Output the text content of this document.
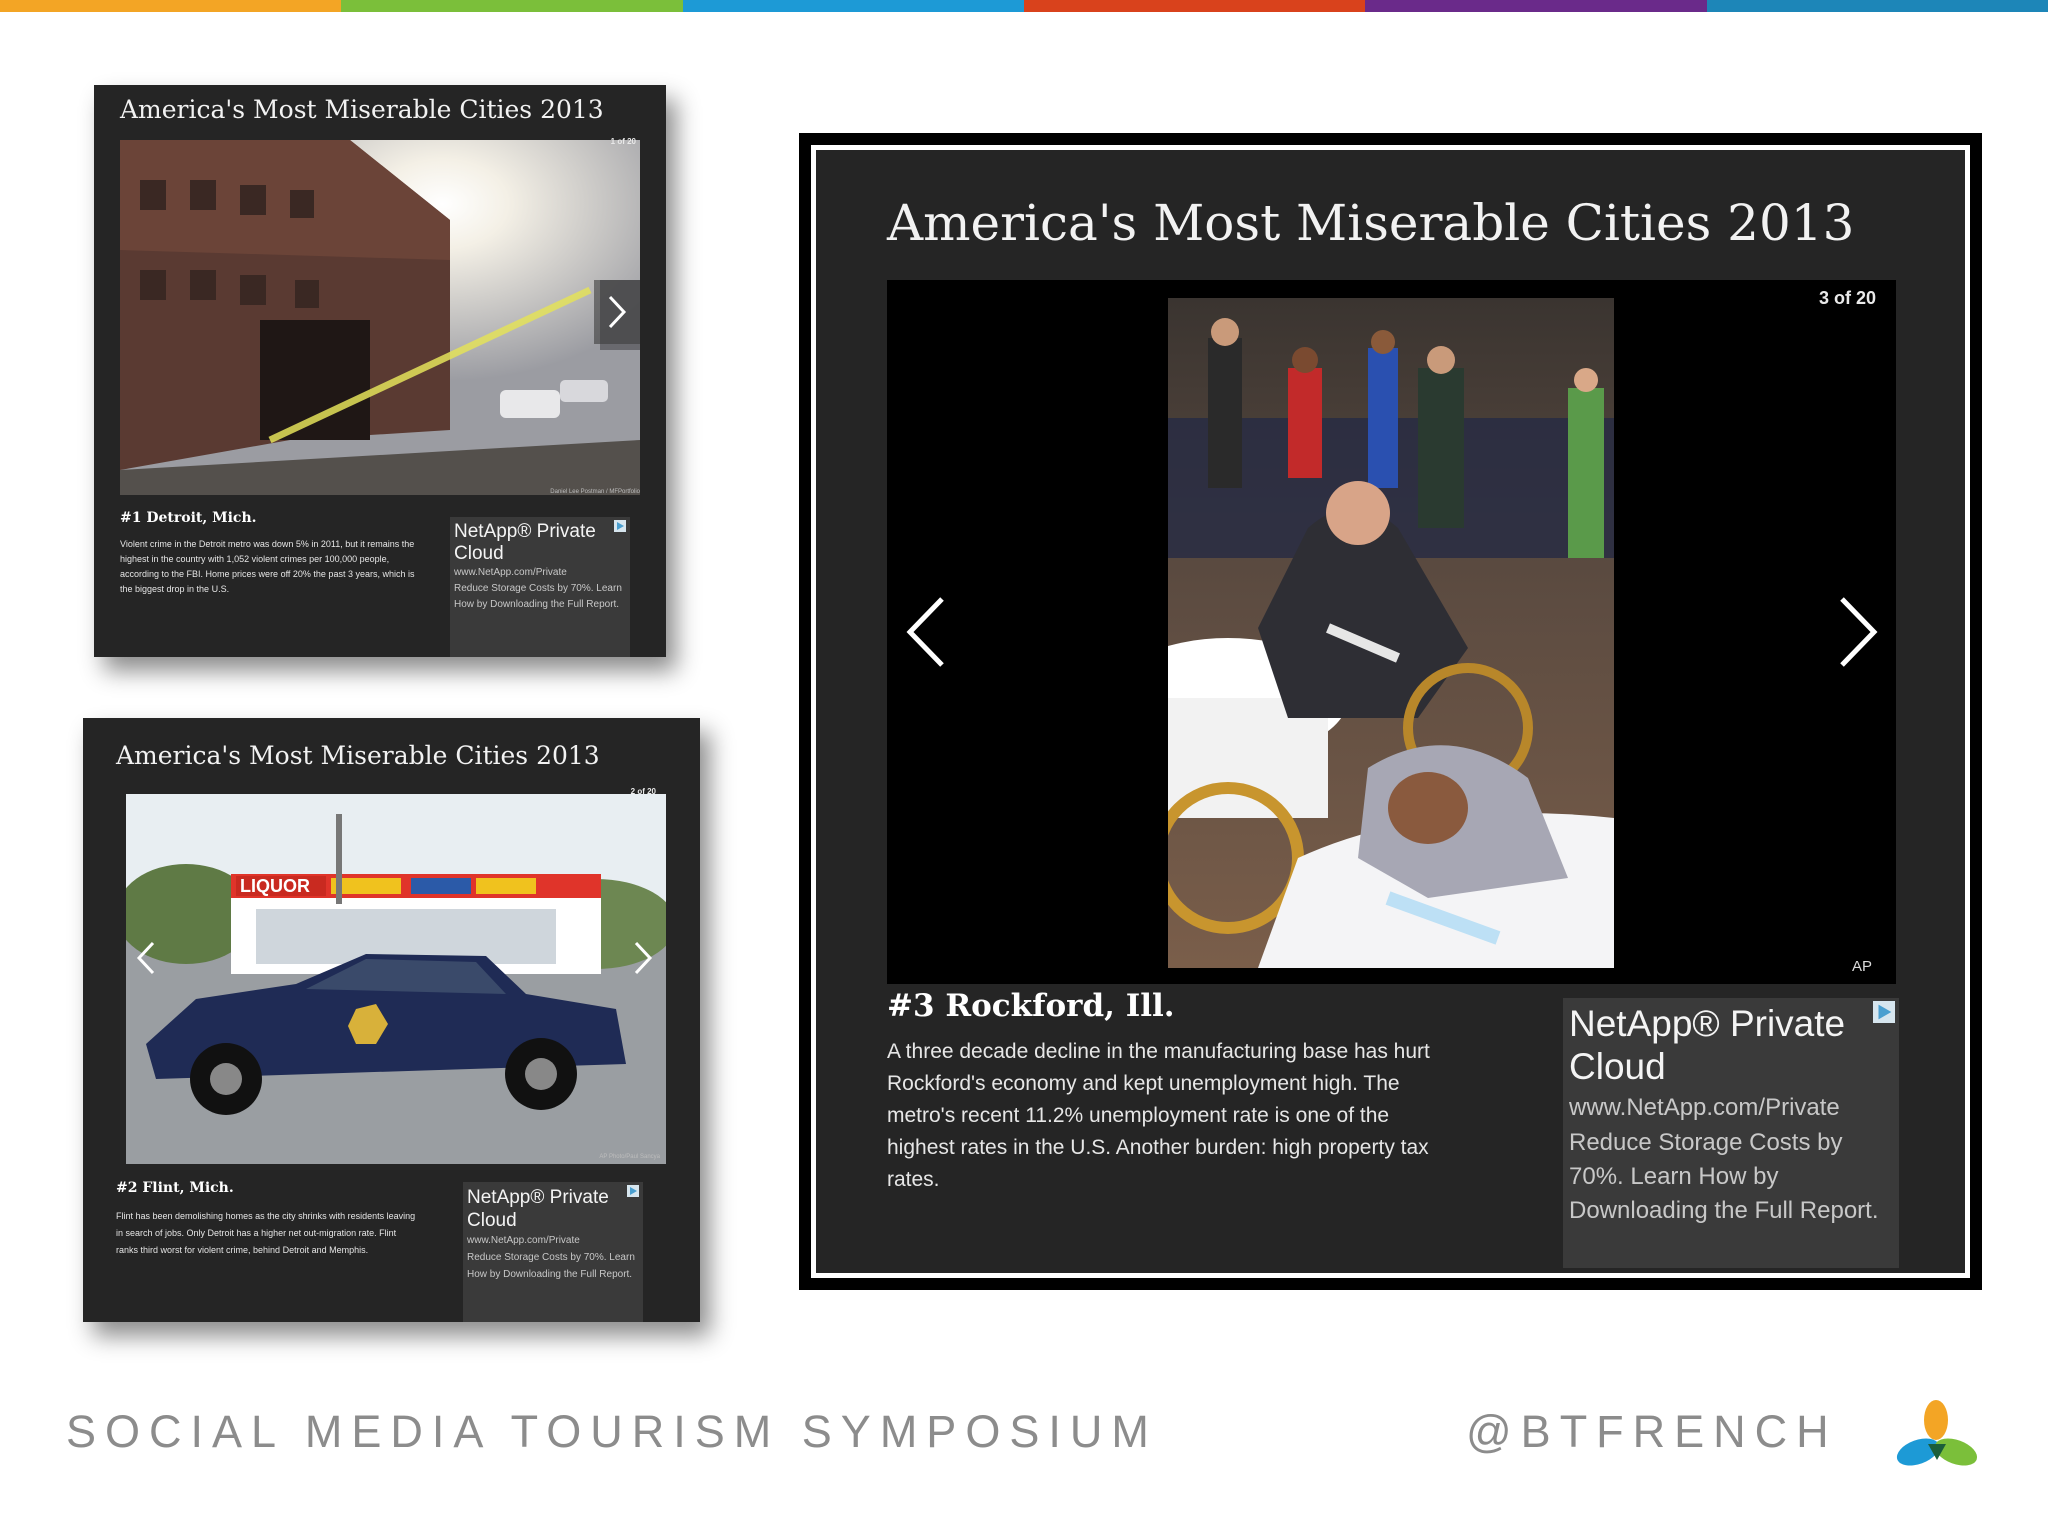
America's Most Miserable Cities 2013
1 of 20
Daniel Lee Postman / MFPortfolio
#1 Detroit, Mich.
Violent crime in the Detroit metro was down 5% in 2011, but it remains the highest in the country with 1,052 violent crimes per 100,000 people, according to the FBI. Home prices were off 20% the past 3 years, which is the biggest drop in the U.S.
NetApp® Private Cloud
www.NetApp.com/Private
Reduce Storage Costs by 70%. Learn How by Downloading the Full Report.
America's Most Miserable Cities 2013
LIQUOR
2 of 20
AP Photo/Paul Sancya
#2 Flint, Mich.
Flint has been demolishing homes as the city shrinks with residents leaving in search of jobs. Only Detroit has a higher net out-migration rate. Flint ranks third worst for violent crime, behind Detroit and Memphis.
NetApp® Private Cloud
www.NetApp.com/Private
Reduce Storage Costs by 70%. Learn How by Downloading the Full Report.
America's Most Miserable Cities 2013
3 of 20
AP
#3 Rockford, Ill.
A three decade decline in the manufacturing base has hurt Rockford's economy and kept unemployment high. The metro's recent 11.2% unemployment rate is one of the highest rates in the U.S. Another burden: high property tax rates.
NetApp® Private Cloud
www.NetApp.com/Private
Reduce Storage Costs by 70%. Learn How by Downloading the Full Report.
SOCIAL MEDIA TOURISM SYMPOSIUM	@BTFRENCH
